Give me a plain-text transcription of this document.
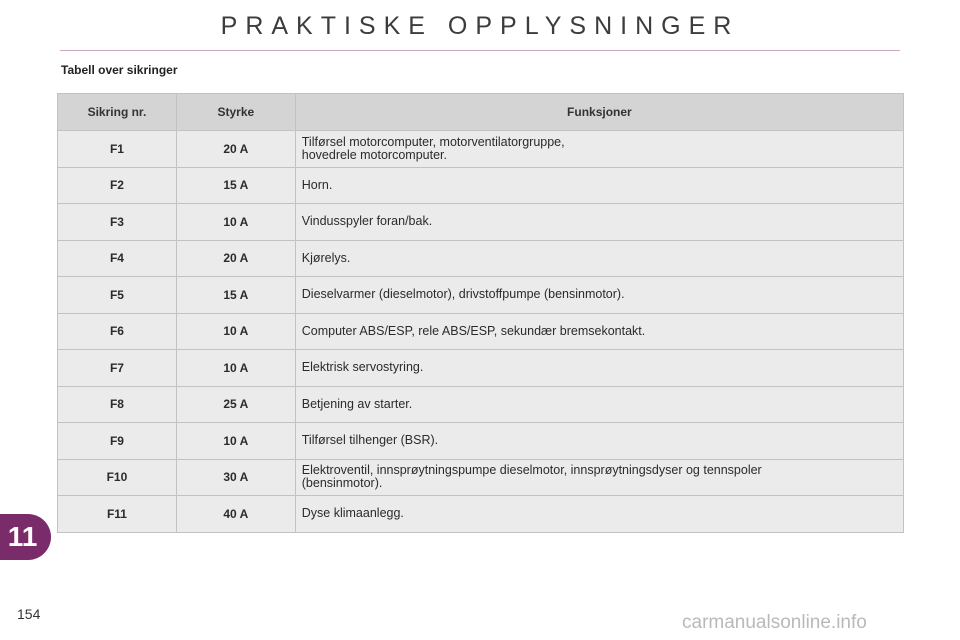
PRAKTISKE OPPLYSNINGER
Tabell over sikringer
Sikring nr.	Styrke	Funksjoner
F1	20 A	Tilførsel motorcomputer, motorventilatorgruppe,
hovedrele motorcomputer.
F2	15 A	Horn.
F3	10 A	Vindusspyler foran/bak.
F4	20 A	Kjørelys.
F5	15 A	Dieselvarmer (dieselmotor), drivstoffpumpe (bensinmotor).
F6	10 A	Computer ABS/ESP, rele ABS/ESP, sekundær bremsekontakt.
F7	10 A	Elektrisk servostyring.
F8	25 A	Betjening av starter.
F9	10 A	Tilførsel tilhenger (BSR).
F10	30 A	Elektroventil, innsprøytningspumpe dieselmotor, innsprøytningsdyser og tennspoler
(bensinmotor).
F11	40 A	Dyse klimaanlegg.
11
154	carmanualsonline.info
